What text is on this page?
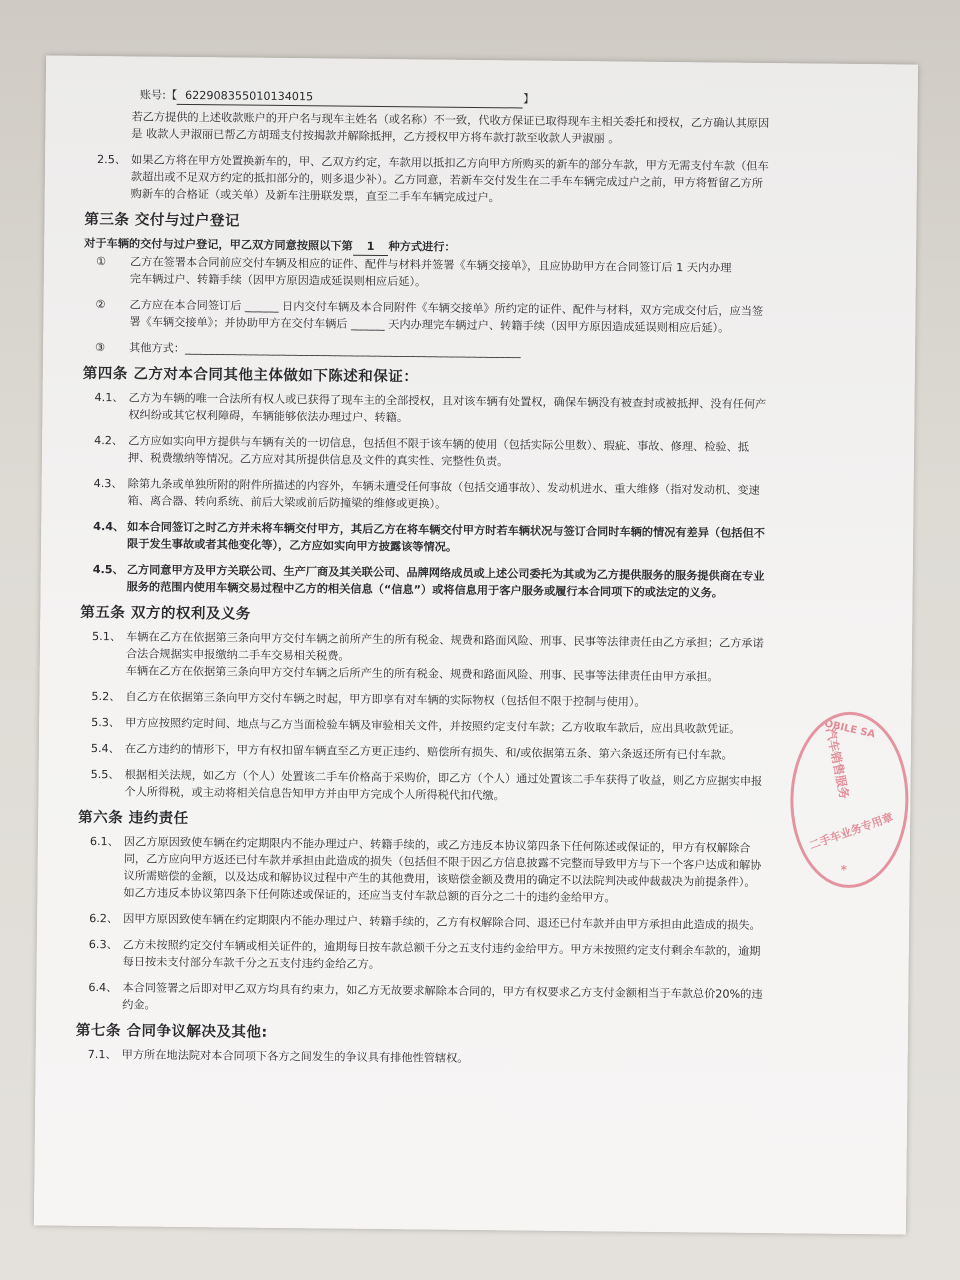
账号:【 622908355010134015	】

若乙方提供的上述收款账户的开户名与现车主姓名（或名称）不一致，代收方保证已取得现车主相关委托和授权，乙方确认其原因

是 收款人尹淑丽已帮乙方胡瑶支付按揭款并解除抵押，乙方授权甲方将车款打款至收款人尹淑丽 。

2.5、 如果乙方将在甲方处置换新车的，甲、乙双方约定，车款用以抵扣乙方向甲方所购买的新车的部分车款，甲方无需支付车款（但车

款超出或不足双方约定的抵扣部分的，则多退少补）。乙方同意，若新车交付发生在二手车车辆完成过户之前，甲方将暂留乙方所

购新车的合格证（或关单）及新车注册联发票，直至二手车车辆完成过户。

第三条 交付与过户登记

对于车辆的交付与过户登记，甲乙双方同意按照以下第 1 种方式进行：

① 乙方在签署本合同前应交付车辆及相应的证件、配件与材料并签署《车辆交接单》，且应协助甲方在合同签订后 1 天内办理

完车辆过户、转籍手续（因甲方原因造成延误则相应后延）。

② 乙方应在本合同签订后 ______ 日内交付车辆及本合同附件《车辆交接单》所约定的证件、配件与材料，双方完成交付后，应当签

署《车辆交接单》；并协助甲方在交付车辆后 ______ 天内办理完车辆过户、转籍手续（因甲方原因造成延误则相应后延）。

③ 其他方式：____________________________________________________________

第四条 乙方对本合同其他主体做如下陈述和保证：
4.1、 乙方为车辆的唯一合法所有权人或已获得了现车主的全部授权，且对该车辆有处置权，确保车辆没有被查封或被抵押、没有任何产

权纠纷或其它权利障碍，车辆能够依法办理过户、转籍。

4.2、 乙方应如实向甲方提供与车辆有关的一切信息，包括但不限于该车辆的使用（包括实际公里数）、瑕疵、事故、修理、检验、抵

押、税费缴纳等情况。乙方应对其所提供信息及文件的真实性、完整性负责。

4.3、 除第九条或单独所附的附件所描述的内容外，车辆未遭受任何事故（包括交通事故）、发动机进水、重大维修（指对发动机、变速

箱、离合器、转向系统、前后大梁或前后防撞梁的维修或更换）。

4.4、 如本合同签订之时乙方并未将车辆交付甲方，其后乙方在将车辆交付甲方时若车辆状况与签订合同时车辆的情况有差异（包括但不

限于发生事故或者其他变化等），乙方应如实向甲方披露该等情况。

4.5、 乙方同意甲方及甲方关联公司、生产厂商及其关联公司、品牌网络成员或上述公司委托为其或为乙方提供服务的服务提供商在专业

服务的范围内使用车辆交易过程中乙方的相关信息（“信息”）或将信息用于客户服务或履行本合同项下的或法定的义务。

第五条 双方的权利及义务
5.1、 车辆在乙方在依据第三条向甲方交付车辆之前所产生的所有税金、规费和路面风险、刑事、民事等法律责任由乙方承担；乙方承诺

合法合规据实申报缴纳二手车交易相关税费。

车辆在乙方在依据第三条向甲方交付车辆之后所产生的所有税金、规费和路面风险、刑事、民事等法律责任由甲方承担。

5.2、 自乙方在依据第三条向甲方交付车辆之时起，甲方即享有对车辆的实际物权（包括但不限于控制与使用）。

5.3、 甲方应按照约定时间、地点与乙方当面检验车辆及审验相关文件，并按照约定支付车款；乙方收取车款后，应出具收款凭证。

5.4、 在乙方违约的情形下，甲方有权扣留车辆直至乙方更正违约、赔偿所有损失、和/或依据第五条、第六条返还所有已付车款。

5.5、 根据相关法规，如乙方（个人）处置该二手车价格高于采购价，即乙方（个人）通过处置该二手车获得了收益，则乙方应据实申报

个人所得税，或主动将相关信息告知甲方并由甲方完成个人所得税代扣代缴。

第六条 违约责任
6.1、 因乙方原因致使车辆在约定期限内不能办理过户、转籍手续的，或乙方违反本协议第四条下任何陈述或保证的，甲方有权解除合

同，乙方应向甲方返还已付车款并承担由此造成的损失（包括但不限于因乙方信息披露不完整而导致甲方与下一个客户达成和解协

议所需赔偿的金额，以及达成和解协议过程中产生的其他费用，该赔偿金额及费用的确定不以法院判决或仲裁裁决为前提条件）。

如乙方违反本协议第四条下任何陈述或保证的，还应当支付车款总额的百分之二十的违约金给甲方。

6.2、 因甲方原因致使车辆在约定期限内不能办理过户、转籍手续的，乙方有权解除合同、退还已付车款并由甲方承担由此造成的损失。

6.3、 乙方未按照约定交付车辆或相关证件的，逾期每日按车款总额千分之五支付违约金给甲方。甲方未按照约定支付剩余车款的，逾期

每日按未支付部分车款千分之五支付违约金给乙方。

6.4、 本合同签署之后即对甲乙双方均具有约束力，如乙方无故要求解除本合同的，甲方有权要求乙方支付金额相当于车款总价20%的违

约金。

第七条 合同争议解决及其他:
7.1、 甲方所在地法院对本合同项下各方之间发生的争议具有排他性管辖权。

MOBILE SA
汽车销售服务
二手车业务专用章
*
